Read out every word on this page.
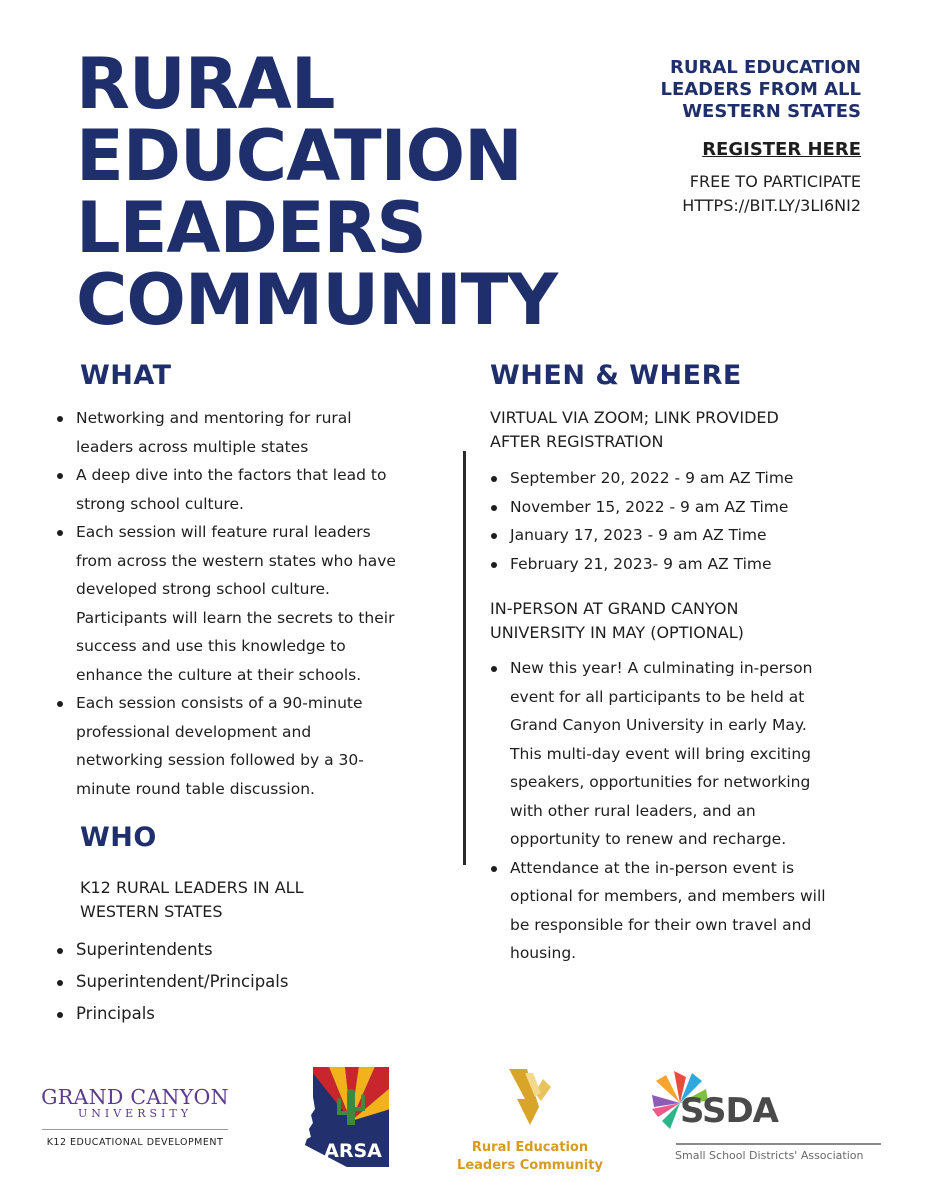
RURAL
EDUCATION
LEADERS
COMMUNITY
RURAL EDUCATION
LEADERS FROM ALL
WESTERN STATES
REGISTER HERE
FREE TO PARTICIPATE
HTTPS://BIT.LY/3LI6NI2
WHAT
Networking and mentoring for rural leaders across multiple states
A deep dive into the factors that lead to strong school culture.
Each session will feature rural leaders from across the western states who have developed strong school culture. Participants will learn the secrets to their success and use this knowledge to enhance the culture at their schools.
Each session consists of a 90-minute professional development and networking session followed by a 30-minute round table discussion.
WHO
K12 RURAL LEADERS IN ALL
WESTERN STATES
Superintendents
Superintendent/Principals
Principals
WHEN & WHERE
VIRTUAL VIA ZOOM; LINK PROVIDED
AFTER REGISTRATION
September 20, 2022 - 9 am AZ Time
November 15, 2022 - 9 am AZ Time
January 17, 2023 - 9 am AZ Time
February 21, 2023- 9 am AZ Time
IN-PERSON AT GRAND CANYON
UNIVERSITY IN MAY (OPTIONAL)
New this year! A culminating in-person event for all participants to be held at Grand Canyon University in early May. This multi-day event will bring exciting speakers, opportunities for networking with other rural leaders, and an opportunity to renew and recharge.
Attendance at the in-person event is optional for members, and members will be responsible for their own travel and housing.
GRAND CANYON
UNIVERSITY
K12 EDUCATIONAL DEVELOPMENT	ARSA	Rural Education
Leaders Community
SSDA
Small School Districts' Association
